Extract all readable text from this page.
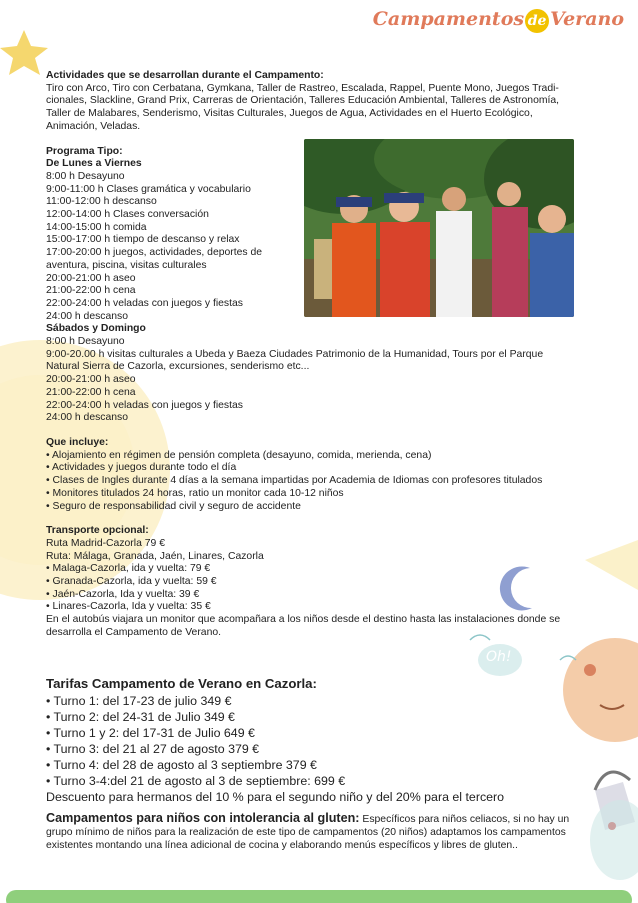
Oh!
Campamentos de Verano
Actividades que se desarrollan durante el Campamento:
Tiro con Arco, Tiro con Cerbatana, Gymkana, Taller de Rastreo, Escalada, Rappel, Puente Mono, Juegos Tradi-
cionales, Slackline, Grand Prix, Carreras de Orientación, Talleres Educación Ambiental, Talleres de Astronomía,
Taller de Malabares, Senderismo, Visitas Culturales, Juegos de Agua, Actividades en el Huerto Ecológico,
Animación, Veladas.
Programa Tipo:
De Lunes a Viernes
8:00 h Desayuno
9:00-11:00 h Clases gramática y vocabulario
11:00-12:00 h descanso
12:00-14:00 h Clases conversación
14:00-15:00 h comida
15:00-17:00 h tiempo de descanso y relax
17:00-20:00 h juegos, actividades, deportes de
aventura, piscina, visitas culturales
20:00-21:00 h aseo
21:00-22:00 h cena
22:00-24:00 h veladas con juegos y fiestas
24:00 h descanso
Sábados y Domingo
8:00 h Desayuno
9:00-20.00 h visitas culturales a Ubeda y Baeza Ciudades Patrimonio de la Humanidad, Tours por el Parque
Natural Sierra de Cazorla, excursiones, senderismo etc...
20:00-21:00 h aseo
21:00-22:00 h cena
22:00-24:00 h veladas con juegos y fiestas
24:00 h descanso
Que incluye:
• Alojamiento en régimen de pensión completa (desayuno, comida, merienda, cena)
• Actividades y juegos durante todo el día
• Clases de Ingles durante 4 días a la semana impartidas por Academia de Idiomas con profesores titulados
• Monitores titulados 24 horas, ratio un monitor cada 10-12 niños
• Seguro de responsabilidad civil y seguro de accidente
Transporte opcional:
Ruta Madrid-Cazorla 79 €
Ruta: Málaga, Granada, Jaén, Linares, Cazorla
• Malaga-Cazorla, ida y vuelta: 79 €
• Granada-Cazorla, ida y vuelta: 59 €
• Jaén-Cazorla, Ida y vuelta: 39 €
• Linares-Cazorla, Ida y vuelta: 35 €
En el autobús viajara un monitor que acompañara a los niños desde el destino hasta las instalaciones donde se
desarrolla el Campamento de Verano.
Tarifas Campamento de Verano en Cazorla:
• Turno 1: del 17-23 de julio 349 €
• Turno 2: del 24-31 de Julio 349 €
• Turno 1 y 2: del 17-31 de Julio 649 €
• Turno 3: del 21 al 27 de agosto 379 €
• Turno 4: del 28 de agosto al 3 septiembre 379 €
• Turno 3-4:del 21 de agosto al 3 de septiembre: 699 €
Descuento para hermanos del 10 % para el segundo niño y del 20% para el tercero
Campamentos para niños con intolerancia al gluten: Específicos para niños celiacos, si no hay un
grupo mínimo de niños para la realización de este tipo de campamentos (20 niños) adaptamos los campamentos
existentes montando una línea adicional de cocina y elaborando menús específicos y libres de gluten..
